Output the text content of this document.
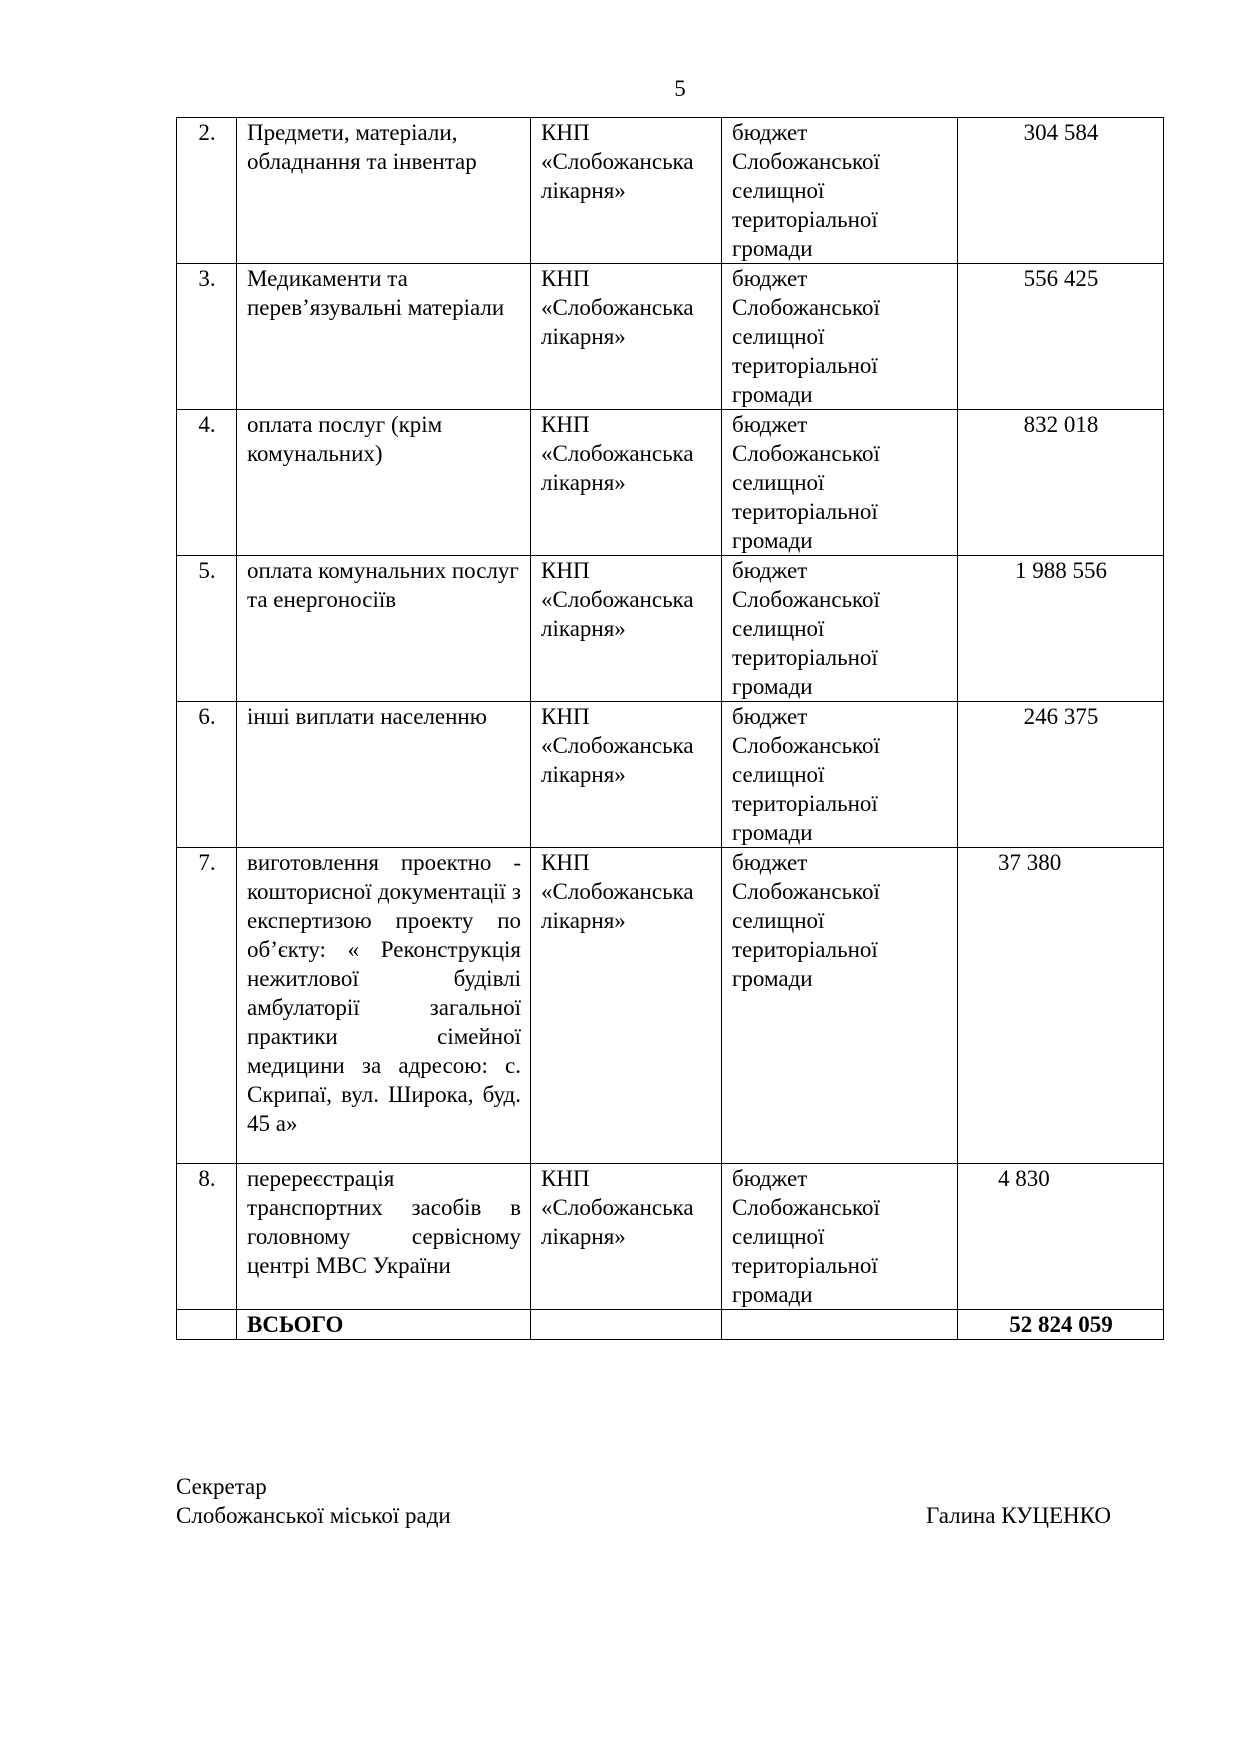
5
2.	Предмети, матеріали, обладнання та інвентар	КНП «Слобожанська лікарня»	бюджет Слобожанської селищної територіальної громади	304 584
3.	Медикаменти та перев’язувальні матеріали	КНП «Слобожанська лікарня»	бюджет Слобожанської селищної територіальної громади	556 425
4.	оплата послуг (крім комунальних)	КНП «Слобожанська лікарня»	бюджет Слобожанської селищної територіальної громади	832 018
5.	оплата комунальних послуг та енергоносіїв	КНП «Слобожанська лікарня»	бюджет Слобожанської селищної територіальної громади	1 988 556
6.	інші виплати населенню	КНП «Слобожанська лікарня»	бюджет Слобожанської селищної територіальної громади	246 375
7.	виготовлення проектно - кошторисної документації з експертизою проекту по об’єкту: « Реконструкція нежитлової будівлі амбулаторії загальної практики сімейної медицини за адресою: с. Скрипаї, вул. Широка, буд. 45 а»	КНП «Слобожанська лікарня»	бюджет Слобожанської селищної територіальної громади	37 380
8.	перереєстрація транспортних засобів в головному сервісному центрі МВС України	КНП «Слобожанська лікарня»	бюджет Слобожанської селищної територіальної громади	4 830
	ВСЬОГО			52 824 059
Секретар
Слобожанської міської ради	Галина КУЦЕНКО
